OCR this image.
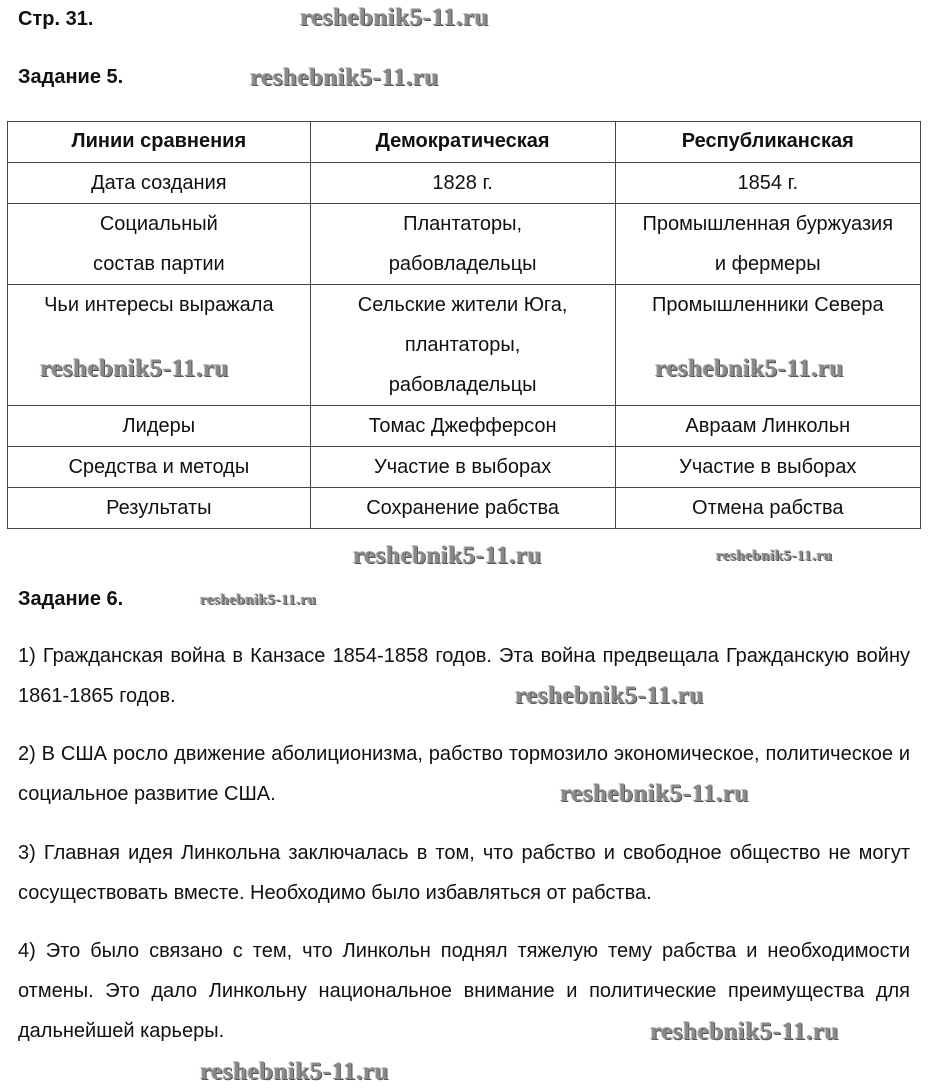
Стр. 31.
Задание 5.
Линии сравнения	Демократическая	Республиканская
Дата создания	1828 г.	1854 г.
Социальный состав партии	Плантаторы, рабовладельцы	Промышленная буржуазия и фермеры
Чьи интересы выражала	Сельские жители Юга, плантаторы, рабовладельцы	Промышленники Севера
Лидеры	Томас Джефферсон	Авраам Линкольн
Средства и методы	Участие в выборах	Участие в выборах
Результаты	Сохранение рабства	Отмена рабства
Задание 6.
1) Гражданская война в Канзасе 1854-1858 годов. Эта война предвещала Гражданскую войну 1861-1865 годов.
2) В США росло движение аболиционизма, рабство тормозило экономическое, политическое и социальное развитие США.
3) Главная идея Линкольна заключалась в том, что рабство и свободное общество не могут сосуществовать вместе. Необходимо было избавляться от рабства.
4) Это было связано с тем, что Линкольн поднял тяжелую тему рабства и необходимости отмены. Это дало Линкольну национальное внимание и политические преимущества для дальнейшей карьеры.
reshebnik5-11.ru
reshebnik5-11.ru
reshebnik5-11.ru	reshebnik5-11.ru
reshebnik5-11.ru	reshebnik5-11.ru
reshebnik5-11.ru
reshebnik5-11.ru
reshebnik5-11.ru
reshebnik5-11.ru
reshebnik5-11.ru
